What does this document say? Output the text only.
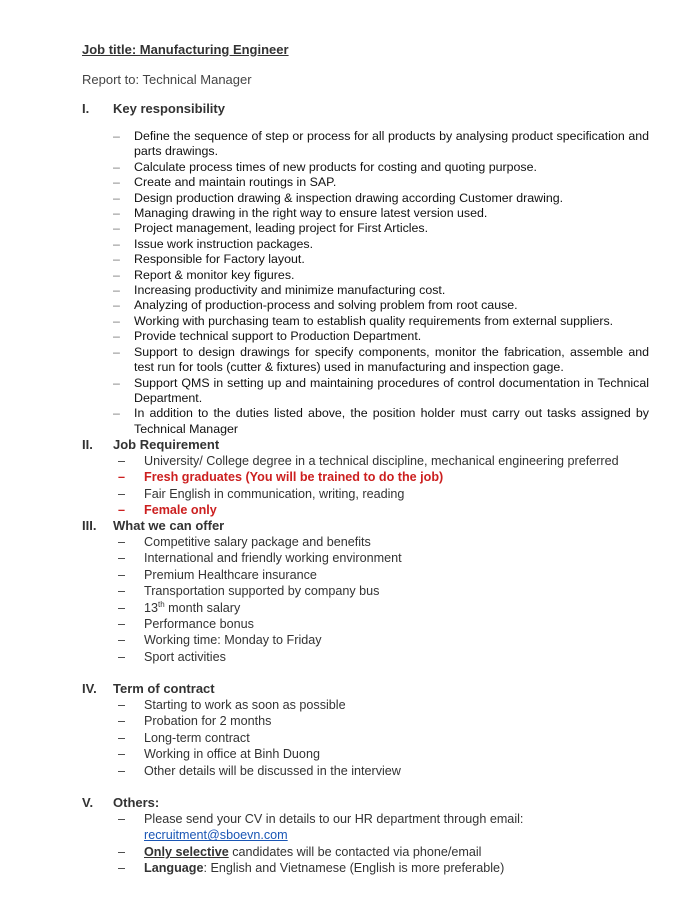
Job title: Manufacturing Engineer
Report to: Technical Manager
I. Key responsibility
– Define the sequence of step or process for all products by analysing product specification and parts drawings.
– Calculate process times of new products for costing and quoting purpose.
– Create and maintain routings in SAP.
– Design production drawing & inspection drawing according Customer drawing.
– Managing drawing in the right way to ensure latest version used.
– Project management, leading project for First Articles.
– Issue work instruction packages.
– Responsible for Factory layout.
– Report & monitor key figures.
– Increasing productivity and minimize manufacturing cost.
– Analyzing of production-process and solving problem from root cause.
– Working with purchasing team to establish quality requirements from external suppliers.
– Provide technical support to Production Department.
– Support to design drawings for specify components, monitor the fabrication, assemble and test run for tools (cutter & fixtures) used in manufacturing and inspection gage.
– Support QMS in setting up and maintaining procedures of control documentation in Technical Department.
– In addition to the duties listed above, the position holder must carry out tasks assigned by Technical Manager
II. Job Requirement
– University/ College degree in a technical discipline, mechanical engineering preferred
– Fresh graduates (You will be trained to do the job)
– Fair English in communication, writing, reading
– Female only
III. What we can offer
– Competitive salary package and benefits
– International and friendly working environment
– Premium Healthcare insurance
– Transportation supported by company bus
– 13th month salary
– Performance bonus
– Working time: Monday to Friday
– Sport activities
IV. Term of contract
– Starting to work as soon as possible
– Probation for 2 months
– Long-term contract
– Working in office at Binh Duong
– Other details will be discussed in the interview
V. Others:
– Please send your CV in details to our HR department through email:
recruitment@sboevn.com
– Only selective candidates will be contacted via phone/email
– Language: English and Vietnamese (English is more preferable)
